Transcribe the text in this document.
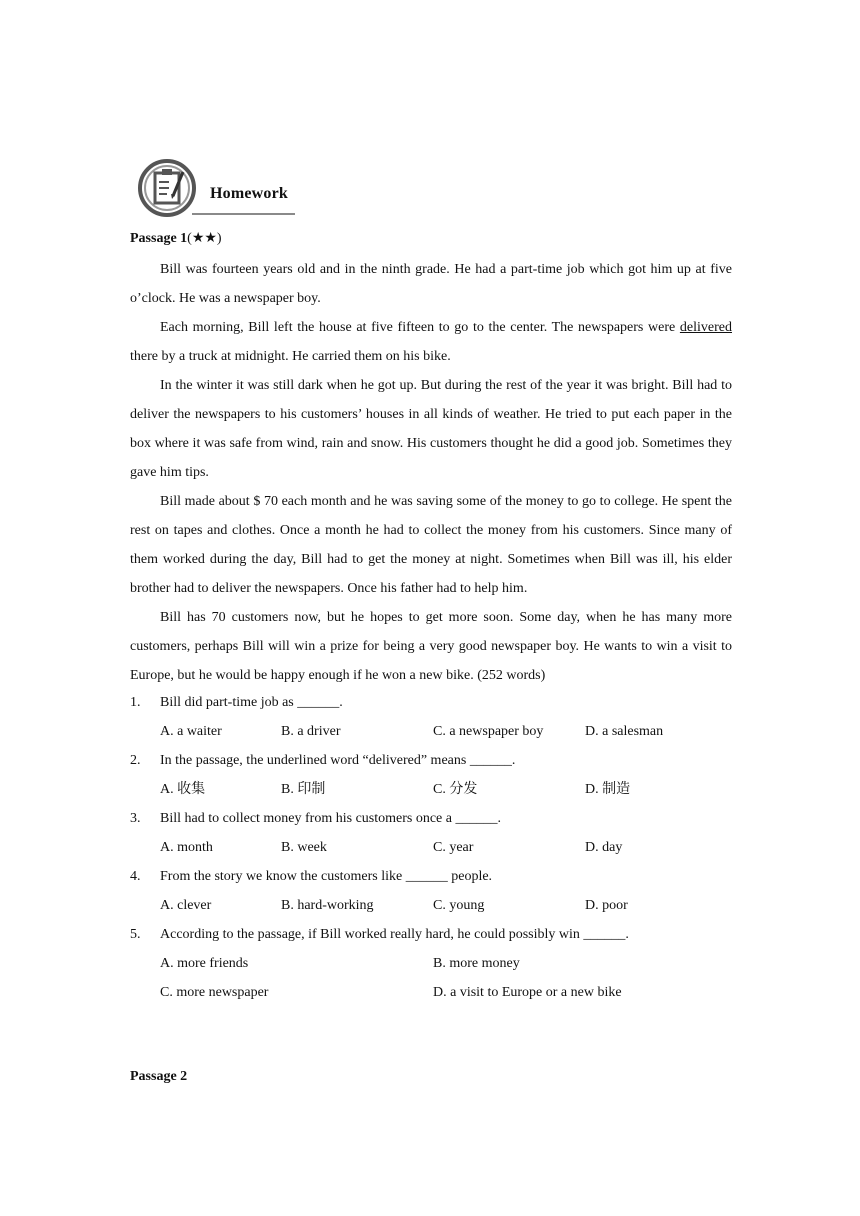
Homework
Passage 1(★★)

Bill was fourteen years old and in the ninth grade. He had a part-time job which got him up at five o’clock. He was a newspaper boy.

Each morning, Bill left the house at five fifteen to go to the center. The newspapers were delivered there by a truck at midnight. He carried them on his bike.

In the winter it was still dark when he got up. But during the rest of the year it was bright. Bill had to deliver the newspapers to his customers’ houses in all kinds of weather. He tried to put each paper in the box where it was safe from wind, rain and snow. His customers thought he did a good job. Sometimes they gave him tips.

Bill made about $ 70 each month and he was saving some of the money to go to college. He spent the rest on tapes and clothes. Once a month he had to collect the money from his customers. Since many of them worked during the day, Bill had to get the money at night. Sometimes when Bill was ill, his elder brother had to deliver the newspapers. Once his father had to help him.

Bill has 70 customers now, but he hopes to get more soon. Some day, when he has many more customers, perhaps Bill will win a prize for being a very good newspaper boy. He wants to win a visit to Europe, but he would be happy enough if he won a new bike. (252 words)

1. Bill did part-time job as ______.
A. a waiter	B. a driver	C. a newspaper boy	D. a salesman
2. In the passage, the underlined word “delivered” means ______.
A. 收集	B. 印制	C. 分发	D. 制造
3. Bill had to collect money from his customers once a ______.
A. month	B. week	C. year	D. day
4. From the story we know the customers like ______ people.
A. clever	B. hard-working	C. young	D. poor
5. According to the passage, if Bill worked really hard, he could possibly win ______.
A. more friends	B. more money
C. more newspaper	D. a visit to Europe or a new bike
Passage 2
